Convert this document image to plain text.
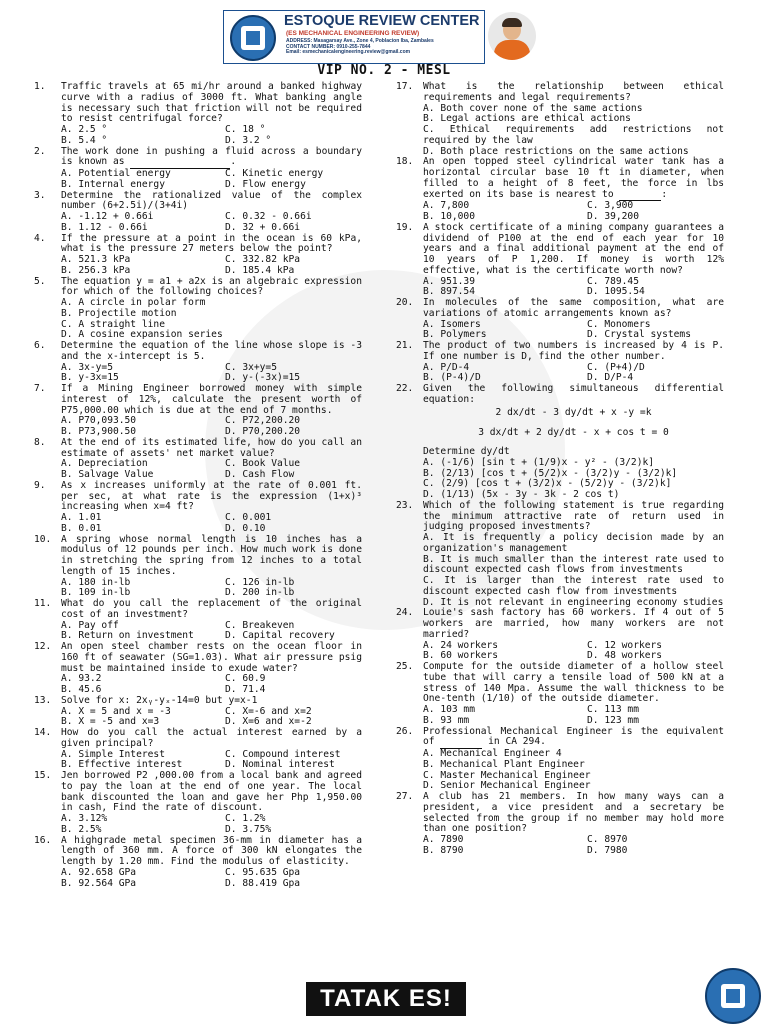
ESTOQUE REVIEW CENTER
(ES MECHANICAL ENGINEERING REVIEW)
ADDRESS: Masagarsay Ave., Zone 4, Poblacion Iba, Zambales
CONTACT NUMBER: 0910-255-7844
Email: esmechanicalengineering.review@gmail.com
VIP NO. 2 - MESL
1. Traffic travels at 65 mi/hr around a banked highway curve with a radius of 3000 ft. What banking angle is necessary such that friction will not be required to resist centrifugal force?
A. 2.5 °	C. 18 °
B. 5.4 °	D. 3.2 °
2. The work done in pushing a fluid across a boundary is known as	.
A. Potential energy	C. Kinetic energy
B. Internal energy	D. Flow energy
3. Determine the rationalized value of the complex number (6+2.5i)/(3+4i)
A. -1.12 + 0.66i	C. 0.32 - 0.66i
B. 1.12 - 0.66i	D. 32 + 0.66i
4. If the pressure at a point in the ocean is 60 kPa, what is the pressure 27 meters below the point?
A. 521.3 kPa	C. 332.82 kPa
B. 256.3 kPa	D. 185.4 kPa
5. The equation y = a1 + a2x is an algebraic expression for which of the following choices?
A. A circle in polar form
B. Projectile motion
C. A straight line
D. A cosine expansion series
6. Determine the equation of the line whose slope is -3 and the x-intercept is 5.
A. 3x-y=5	C. 3x+y=5
B. y-3x=15	D. y-(-3x)=15
7. If a Mining Engineer borrowed money with simple interest of 12%, calculate the present worth of P75,000.00 which is due at the end of 7 months.
A. P70,093.50	C. P72,200.20
B. P73,900.50	D. P70,200.20
8. At the end of its estimated life, how do you call an estimate of assets' net market value?
A. Depreciation	C. Book Value
B. Salvage Value	D. Cash Flow
9. As x increases uniformly at the rate of 0.001 ft. per sec, at what rate is the expression (1+x)³ increasing when x=4 ft?
A. 1.01	C. 0.001
B. 0.01	D. 0.10
10. A spring whose normal length is 10 inches has a modulus of 12 pounds per inch. How much work is done in stretching the spring from 12 inches to a total length of 15 inches.
A. 180 in-lb	C. 126 in-lb
B. 109 in-lb	D. 200 in-lb
11. What do you call the replacement of the original cost of an investment?
A. Pay off	C. Breakeven
B. Return on investment	D. Capital recovery
12. An open steel chamber rests on the ocean floor in 160 ft of seawater (SG=1.03). What air pressure psig must be maintained inside to exude water?
A. 93.2	C. 60.9
B. 45.6	D. 71.4
13. Solve for x: 2xᵧ-yₓ-14=0 but y=x-1
A. X = 5 and x = -3	C. X=-6 and x=2
B. X = -5 and x=3	D. X=6 and x=-2
14. How do you call the actual interest earned by a given principal?
A. Simple Interest	C. Compound interest
B. Effective interest	D. Nominal interest
15. Jen borrowed P2 ,000.00 from a local bank and agreed to pay the loan at the end of one year. The local bank discounted the loan and gave her Php 1,950.00 in cash, Find the rate of discount.
A. 3.12%	C. 1.2%
B. 2.5%	D. 3.75%
16. A highgrade metal specimen 36-mm in diameter has a length of 360 mm. A force of 300 kN elongates the length by 1.20 mm. Find the modulus of elasticity.
A. 92.658 GPa	C. 95.635 Gpa
B. 92.564 GPa	D. 88.419 Gpa
17. What is the relationship between ethical requirements and legal requirements?
A. Both cover none of the same actions
B. Legal actions are ethical actions
C. Ethical requirements add restrictions not required by the law
D. Both place restrictions on the same actions
18. An open topped steel cylindrical water tank has a horizontal circular base 10 ft in diameter, when filled to a height of 8 feet, the force in lbs exerted on its base is nearest to	:
A. 7,800	C. 3,900
B. 10,000	D. 39,200
19. A stock certificate of a mining company guarantees a dividend of P100 at the end of each year for 10 years and a final additional payment at the end of 10 years of P 1,200. If money is worth 12% effective, what is the certificate worth now?
A. 951.39	C. 789.45
B. 897.54	D. 1095.54
20. In molecules of the same composition, what are variations of atomic arrangements known as?
A. Isomers	C. Monomers
B. Polymers	D. Crystal systems
21. The product of two numbers is increased by 4 is P. If one number is D, find the other number.
A. P/D-4	C. (P+4)/D
B. (P-4)/D	D. D/P-4
22. Given the following simultaneous differential equation:
2 dx/dt - 3 dy/dt + x -y =k
3 dx/dt + 2 dy/dt - x + cos t = 0
Determine dy/dt
A. (-1/6) [sin t + (1/9)x - y² - (3/2)k]
B. (2/13) [cos t + (5/2)x - (3/2)y - (3/2)k]
C. (2/9) [cos t + (3/2)x - (5/2)y - (3/2)k]
D. (1/13) (5x - 3y - 3k - 2 cos t)
23. Which of the following statement is true regarding the minimum attractive rate of return used in judging proposed investments?
A. It is frequently a policy decision made by an organization's management
B. It is much smaller than the interest rate used to discount expected cash flows from investments
C. It is larger than the interest rate used to discount expected cash flow from investments
D. It is not relevant in engineering economy studies
24. Louie's sash factory has 60 workers. If 4 out of 5 workers are married, how many workers are not married?
A. 24 workers	C. 12 workers
B. 60 workers	D. 48 workers
25. Compute for the outside diameter of a hollow steel tube that will carry a tensile load of 500 kN at a stress of 140 Mpa. Assume the wall thickness to be One-tenth (1/10) of the outside diameter.
A. 103 mm	C. 113 mm
B. 93 mm	D. 123 mm
26. Professional Mechanical Engineer is the equivalent of	in CA 294.
A. Mechanical Engineer 4
B. Mechanical Plant Engineer
C. Master Mechanical Engineer
D. Senior Mechanical Engineer
27. A club has 21 members. In how many ways can a president, a vice president and a secretary be selected from the group if no member may hold more than one position?
A. 7890	C. 8970
B. 8790	D. 7980
TATAK ES!
